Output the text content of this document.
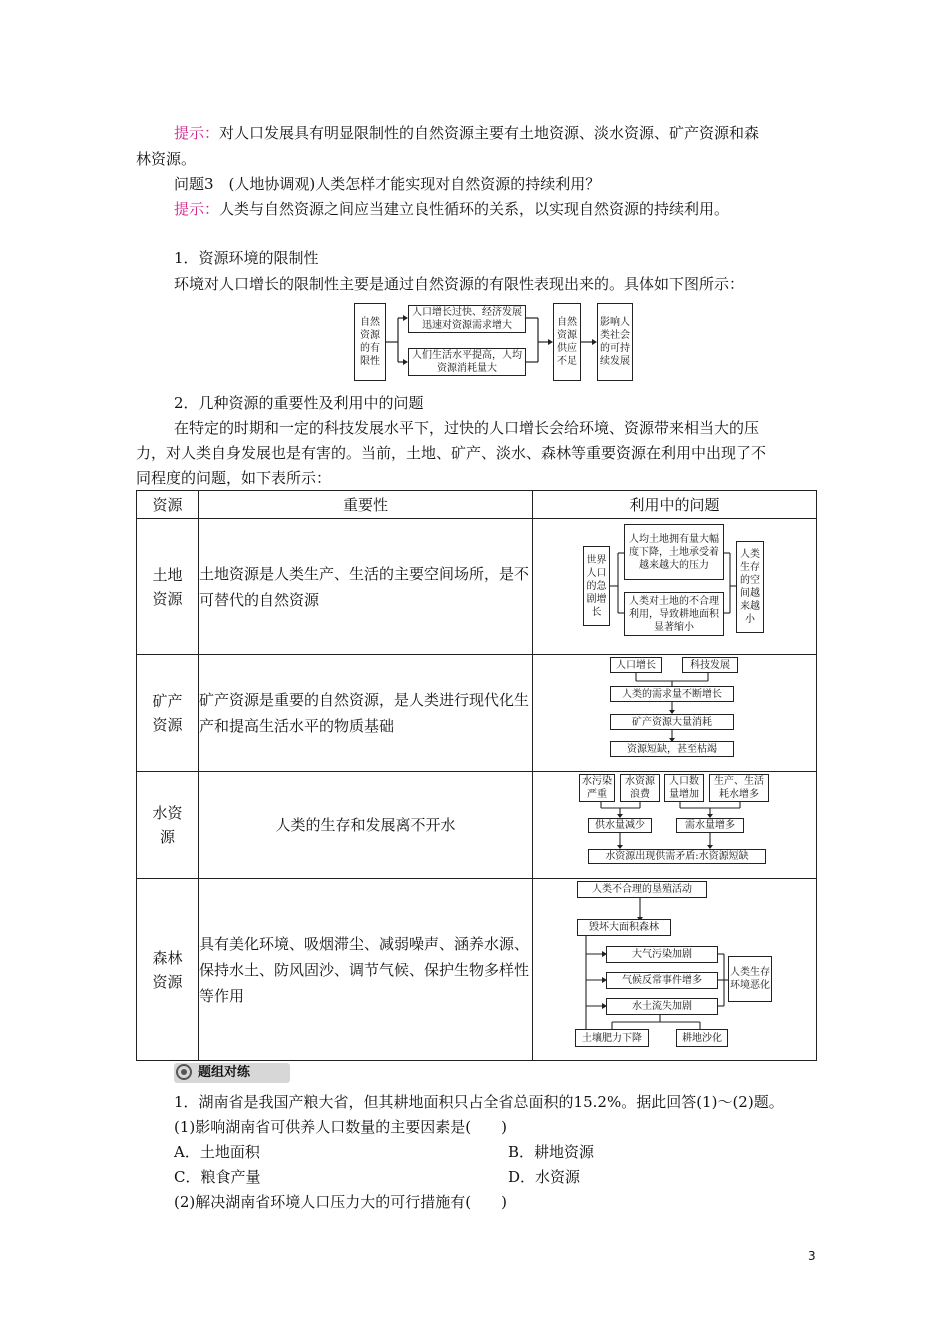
提示：对人口发展具有明显限制性的自然资源主要有土地资源、淡水资源、矿产资源和森
林资源。
问题3　(人地协调观)人类怎样才能实现对自然资源的持续利用？
提示：人类与自然资源之间应当建立良性循环的关系，以实现自然资源的持续利用。
1．资源环境的限制性
环境对人口增长的限制性主要是通过自然资源的有限性表现出来的。具体如下图所示：
自然资源的有限性
人口增长过快、经济发展迅速对资源需求增大
人们生活水平提高，人均资源消耗量大
自然资源供应不足
影响人类社会的可持续发展
2．几种资源的重要性及利用中的问题
在特定的时期和一定的科技发展水平下，过快的人口增长会给环境、资源带来相当大的压
力，对人类自身发展也是有害的。当前，土地、矿产、淡水、森林等重要资源在利用中出现了不
同程度的问题，如下表所示：
资源	重要性	利用中的问题
土地资源	土地资源是人类生产、生活的主要空间场所，是不可替代的自然资源	
矿产资源	矿产资源是重要的自然资源，是人类进行现代化生产和提高生活水平的物质基础	
水资源	人类的生存和发展离不开水	
森林资源	具有美化环境、吸烟滞尘、减弱噪声、涵养水源、保持水土、防风固沙、调节气候、保护生物多样性等作用	
世界人口的急剧增长
人均土地拥有量大幅度下降，土地承受着越来越大的压力
人类对土地的不合理利用，导致耕地面积显著缩小
人类生存的空间越来越小
人口增长	科技发展
人类的需求量不断增长
矿产资源大量消耗
资源短缺，甚至枯竭
水污染严重
水资源浪费
人口数量增加
生产、生活耗水增多
供水量减少	需水量增多
水资源出现供需矛盾:水资源短缺
人类不合理的垦殖活动
毁坏大面积森林
大气污染加剧
气候反常事件增多
水土流失加剧
人类生存环境恶化
土壤肥力下降	耕地沙化
题组对练
1．湖南省是我国产粮大省，但其耕地面积只占全省总面积的15.2%。据此回答(1)～(2)题。
(1)影响湖南省可供养人口数量的主要因素是(　　)
A．土地面积	B．耕地资源
C．粮食产量	D．水资源
(2)解决湖南省环境人口压力大的可行措施有(　　)
3
